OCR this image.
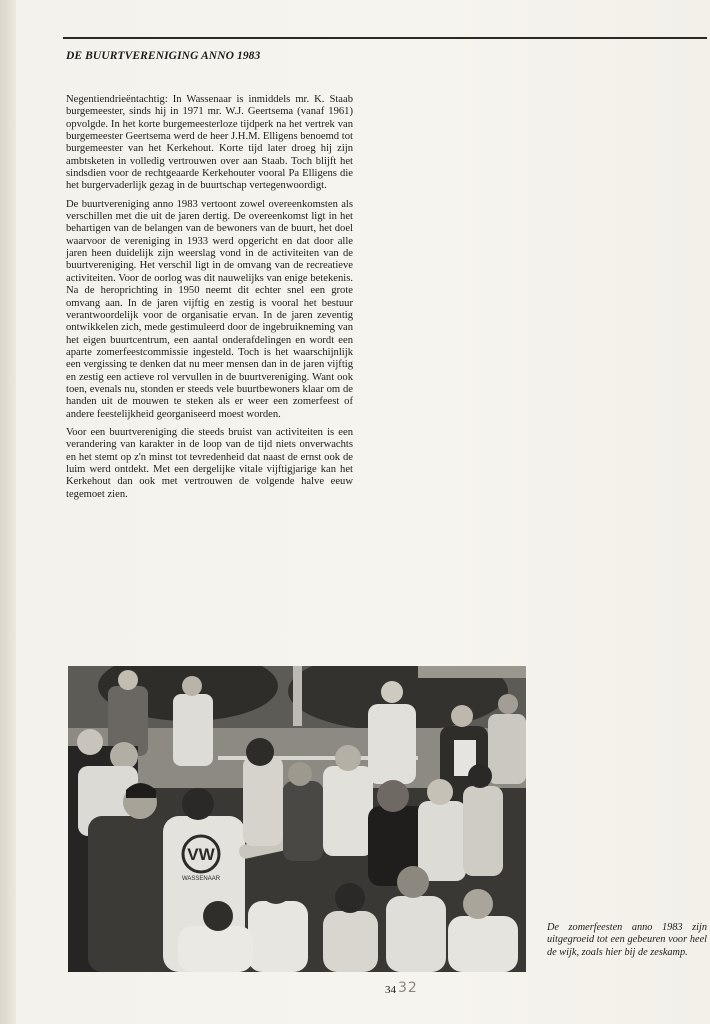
DE BUURTVERENIGING ANNO 1983

Negentiendrieëntachtig: In Wassenaar is inmiddels mr. K. Staab burgemeester, sinds hij in 1971 mr. W.J. Geertsema (vanaf 1961) opvolgde. In het korte burgemeesterloze tijdperk na het vertrek van burgemeester Geertsema werd de heer J.H.M. Elligens benoemd tot burgemeester van het Kerkehout. Korte tijd later droeg hij zijn ambtsketen in volledig vertrouwen over aan Staab. Toch blijft het sindsdien voor de rechtgeaarde Kerkehouter vooral Pa Elligens die het burgervaderlijk gezag in de buurtschap vertegenwoordigt.

De buurtvereniging anno 1983 vertoont zowel overeenkomsten als verschillen met die uit de jaren dertig. De overeenkomst ligt in het behartigen van de belangen van de bewoners van de buurt, het doel waarvoor de vereniging in 1933 werd opgericht en dat door alle jaren heen duidelijk zijn weerslag vond in de activiteiten van de buurtvereniging. Het verschil ligt in de omvang van de recreatieve activiteiten. Voor de oorlog was dit nauwelijks van enige betekenis. Na de heroprichting in 1950 neemt dit echter snel een grote omvang aan. In de jaren vijftig en zestig is vooral het bestuur verantwoordelijk voor de organisatie ervan. In de jaren zeventig ontwikkelen zich, mede gestimuleerd door de ingebruikneming van het eigen buurtcentrum, een aantal onderafdelingen en wordt een aparte zomerfeestcommissie ingesteld. Toch is het waarschijnlijk een vergissing te denken dat nu meer mensen dan in de jaren vijftig en zestig een actieve rol vervullen in de buurtvereniging. Want ook toen, evenals nu, stonden er steeds vele buurtbewoners klaar om de handen uit de mouwen te steken als er weer een zomerfeest of andere feestelijkheid georganiseerd moest worden.

Voor een buurtvereniging die steeds bruist van activiteiten is een verandering van karakter in de loop van de tijd niets onverwachts en het stemt op z'n minst tot tevredenheid dat naast de ernst ook de luim werd ontdekt. Met een dergelijke vitale vijftigjarige kan het Kerkehout dan ook met vertrouwen de volgende halve eeuw tegemoet zien.

VW
WASSENAAR
De zomerfeesten anno 1983 zijn uitgegroeid tot een gebeuren voor heel de wijk, zoals hier bij de zeskamp.
34 32
